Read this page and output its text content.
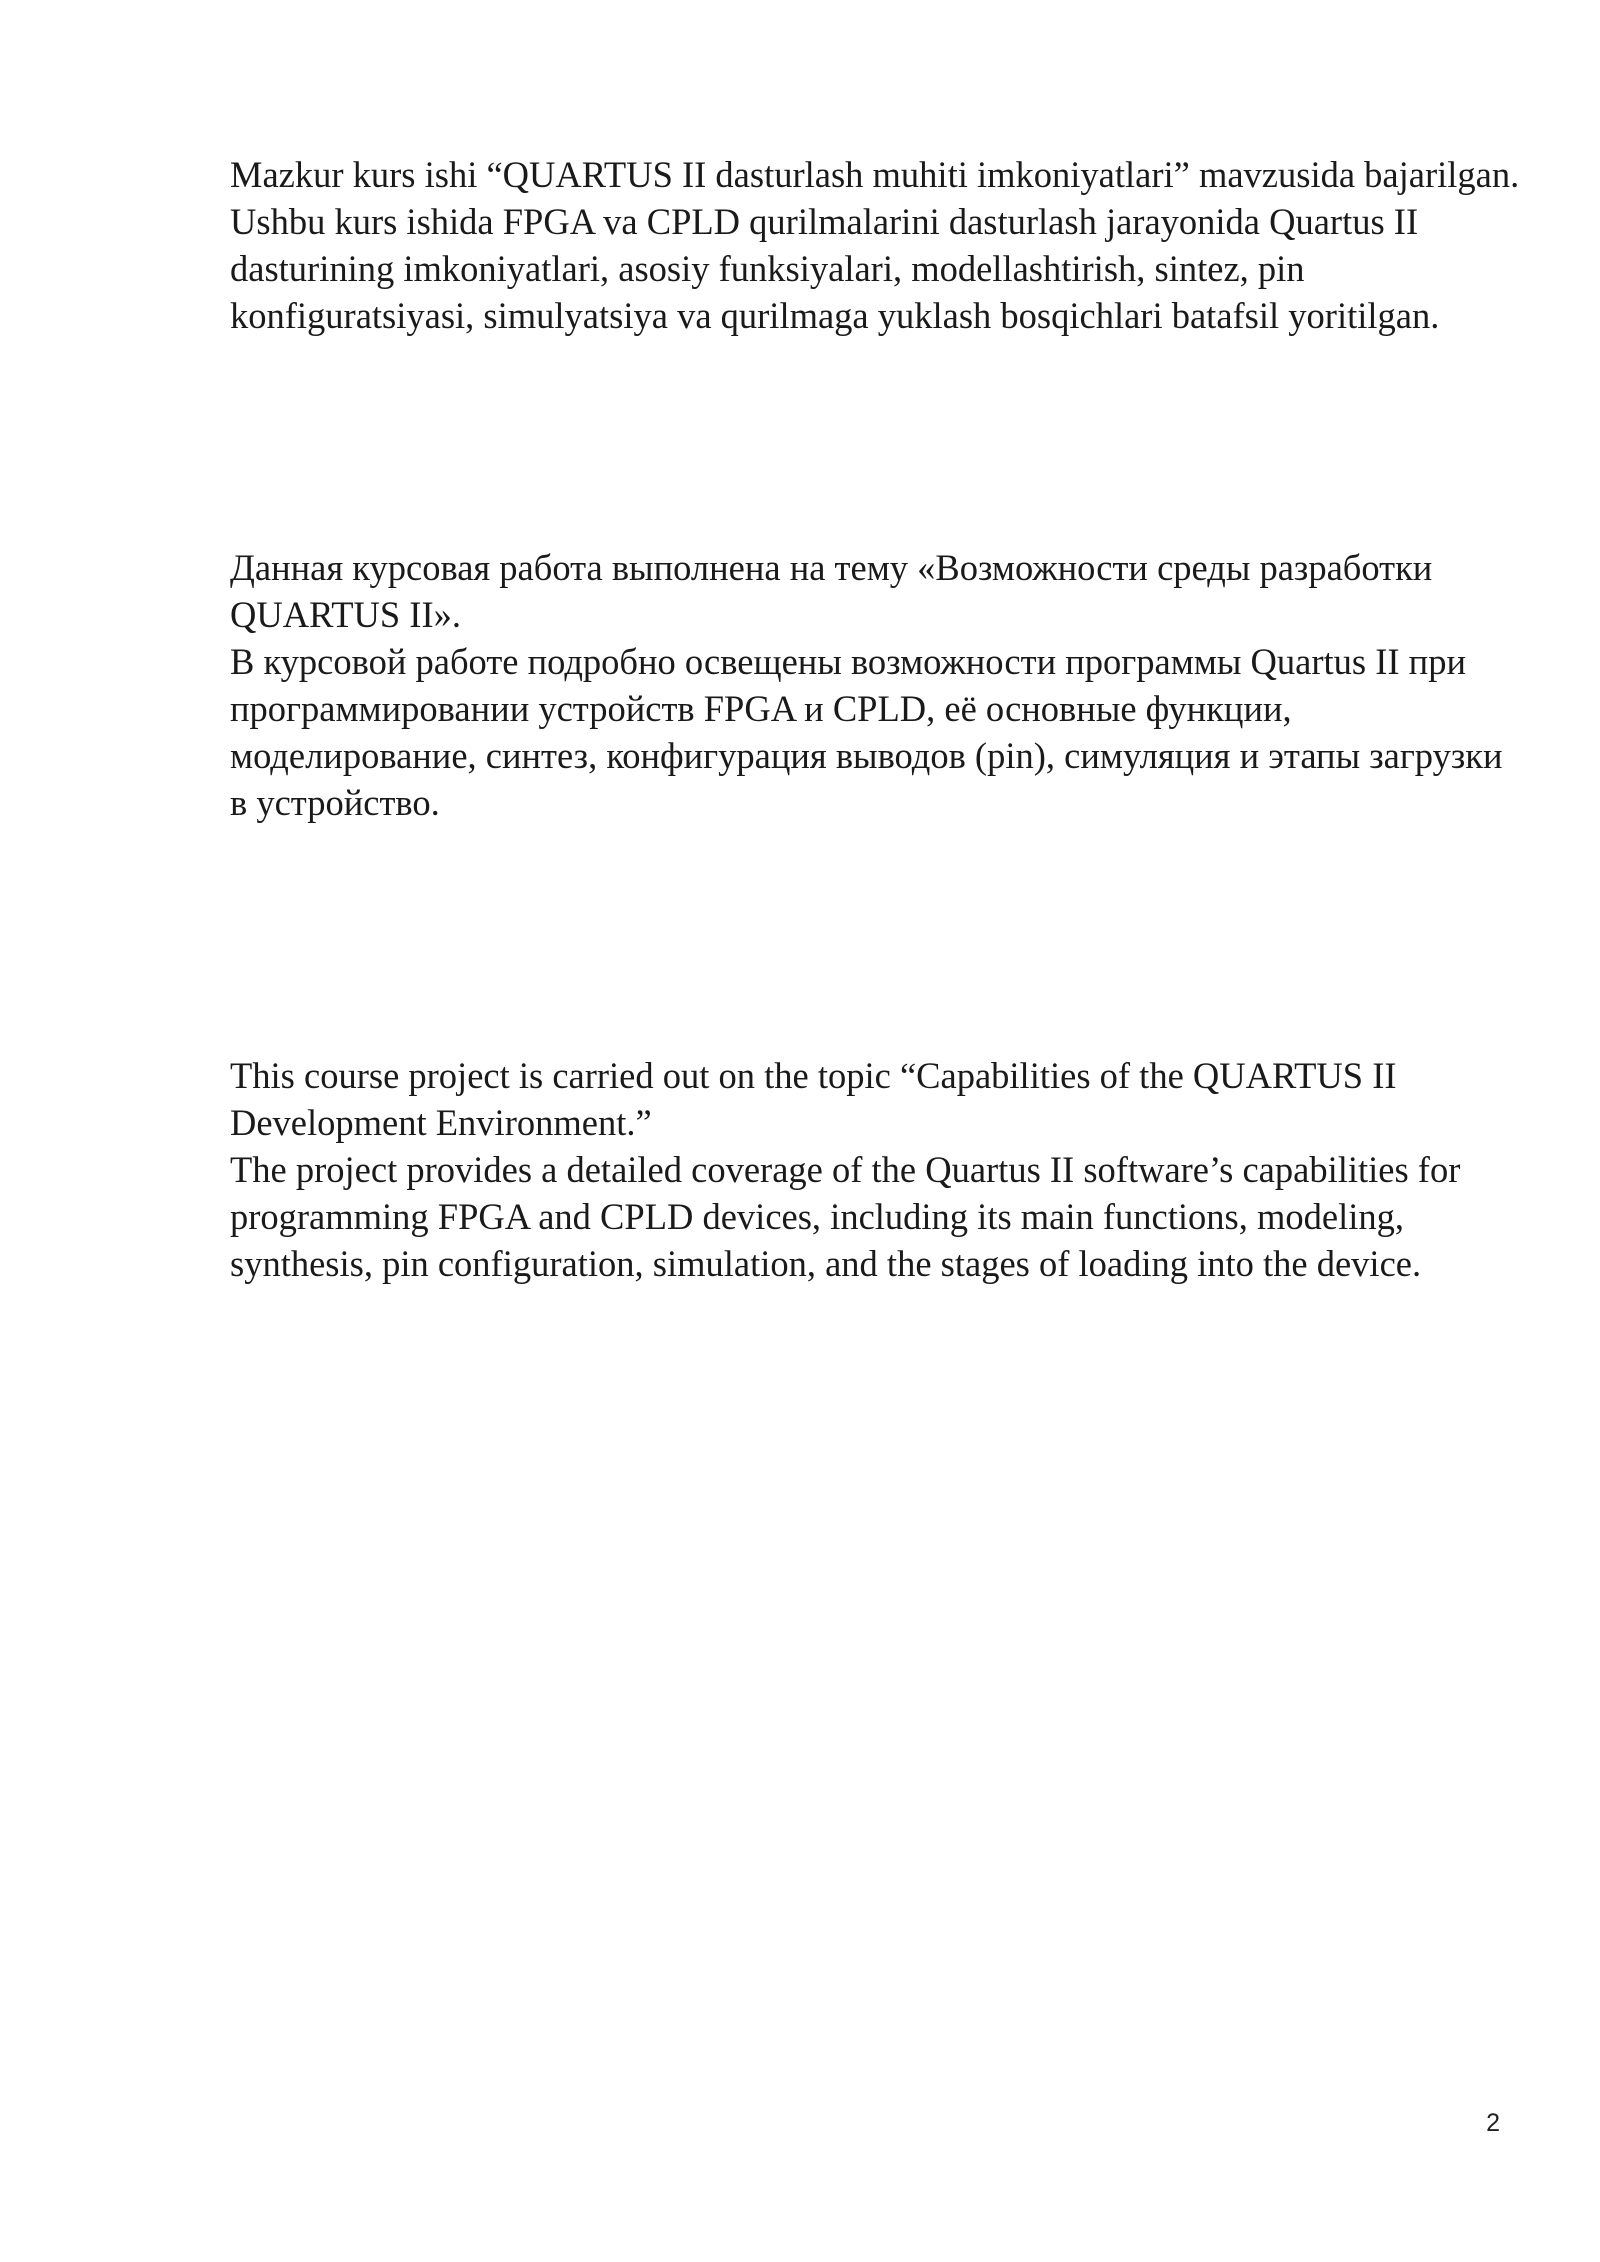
Mazkur kurs ishi “QUARTUS II dasturlash muhiti imkoniyatlari” mavzusida bajarilgan.

Ushbu kurs ishida FPGA va CPLD qurilmalarini dasturlash jarayonida Quartus II dasturining imkoniyatlari, asosiy funksiyalari, modellashtirish, sintez, pin konfiguratsiyasi, simulyatsiya va qurilmaga yuklash bosqichlari batafsil yoritilgan.

Данная курсовая работа выполнена на тему «Возможности среды разработки QUARTUS II».

В курсовой работе подробно освещены возможности программы Quartus II при программировании устройств FPGA и CPLD, её основные функции, моделирование, синтез, конфигурация выводов (pin), симуляция и этапы загрузки в устройство.

This course project is carried out on the topic “Capabilities of the QUARTUS II Development Environment.”

The project provides a detailed coverage of the Quartus II software’s capabilities for programming FPGA and CPLD devices, including its main functions, modeling, synthesis, pin configuration, simulation, and the stages of loading into the device.

2
